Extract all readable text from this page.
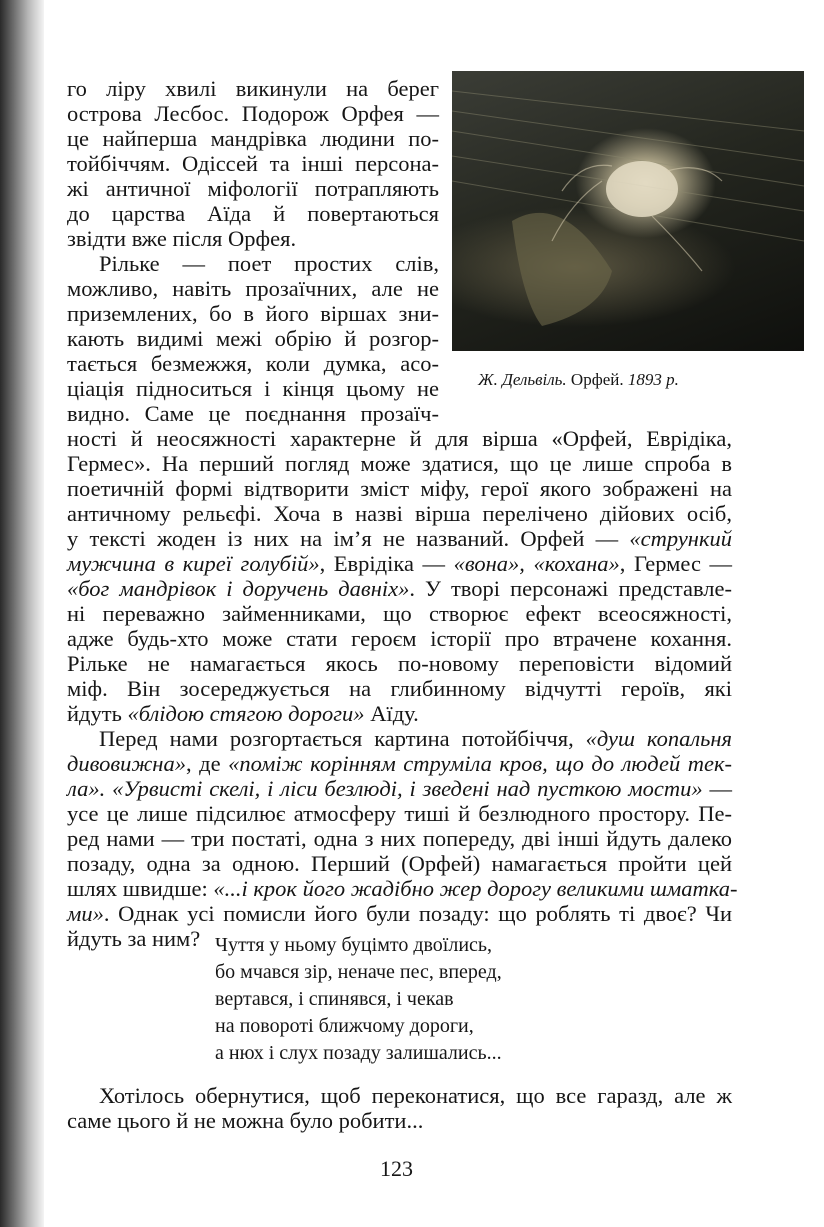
Ж. Дельвіль. Орфей. 1893 р.

го ліру хвилі викинули на берег

острова Лесбос. Подорож Орфея —

це найперша мандрівка людини по-

тойбіччям. Одіссей та інші персона-

жі античної міфології потрапляють

до царства Аїда й повертаються

звідти вже після Орфея.

Рільке — поет простих слів,

можливо, навіть прозаїчних, але не

приземлених, бо в його віршах зни-

кають видимі межі обрію й розгор-

тається безмежжя, коли думка, асо-

ціація підноситься і кінця цьому не

видно. Саме це поєднання прозаїч-

ності й неосяжності характерне й для вірша «Орфей, Еврідіка,

Гермес». На перший погляд може здатися, що це лише спроба в

поетичній формі відтворити зміст міфу, герої якого зображені на

античному рельєфі. Хоча в назві вірша перелічено дійових осіб,

у тексті жоден із них на ім’я не названий. Орфей — «стрункий

мужчина в киреї голубій», Еврідіка — «вона», «кохана», Гермес —

«бог мандрівок і доручень давніх». У творі персонажі представле-

ні переважно займенниками, що створює ефект всеосяжності,

адже будь-хто може стати героєм історії про втрачене кохання.

Рільке не намагається якось по-новому переповісти відомий

міф. Він зосереджується на глибинному відчутті героїв, які

йдуть «блідою стягою дороги» Аїду.

Перед нами розгортається картина потойбіччя, «душ копальня

дивовижна», де «поміж корінням струміла кров, що до людей тек-

ла». «Урвисті скелі, і ліси безлюді, і зведені над пусткою мости» —

усе це лише підсилює атмосферу тиші й безлюдного простору. Пе-

ред нами — три постаті, одна з них попереду, дві інші йдуть далеко

позаду, одна за одною. Перший (Орфей) намагається пройти цей

шлях швидше: «...і крок його жадібно жер дорогу великими шматка-

ми». Однак усі помисли його були позаду: що роблять ті двоє? Чи

йдуть за ним? Чуття у ньому буцімто двоїлись,
бо мчався зір, неначе пес, вперед,
вертався, і спинявся, і чекав
на повороті ближчому дороги,
а нюх і слух позаду залишались...

Хотілось обернутися, щоб переконатися, що все гаразд, але ж

саме цього й не можна було робити...

123
